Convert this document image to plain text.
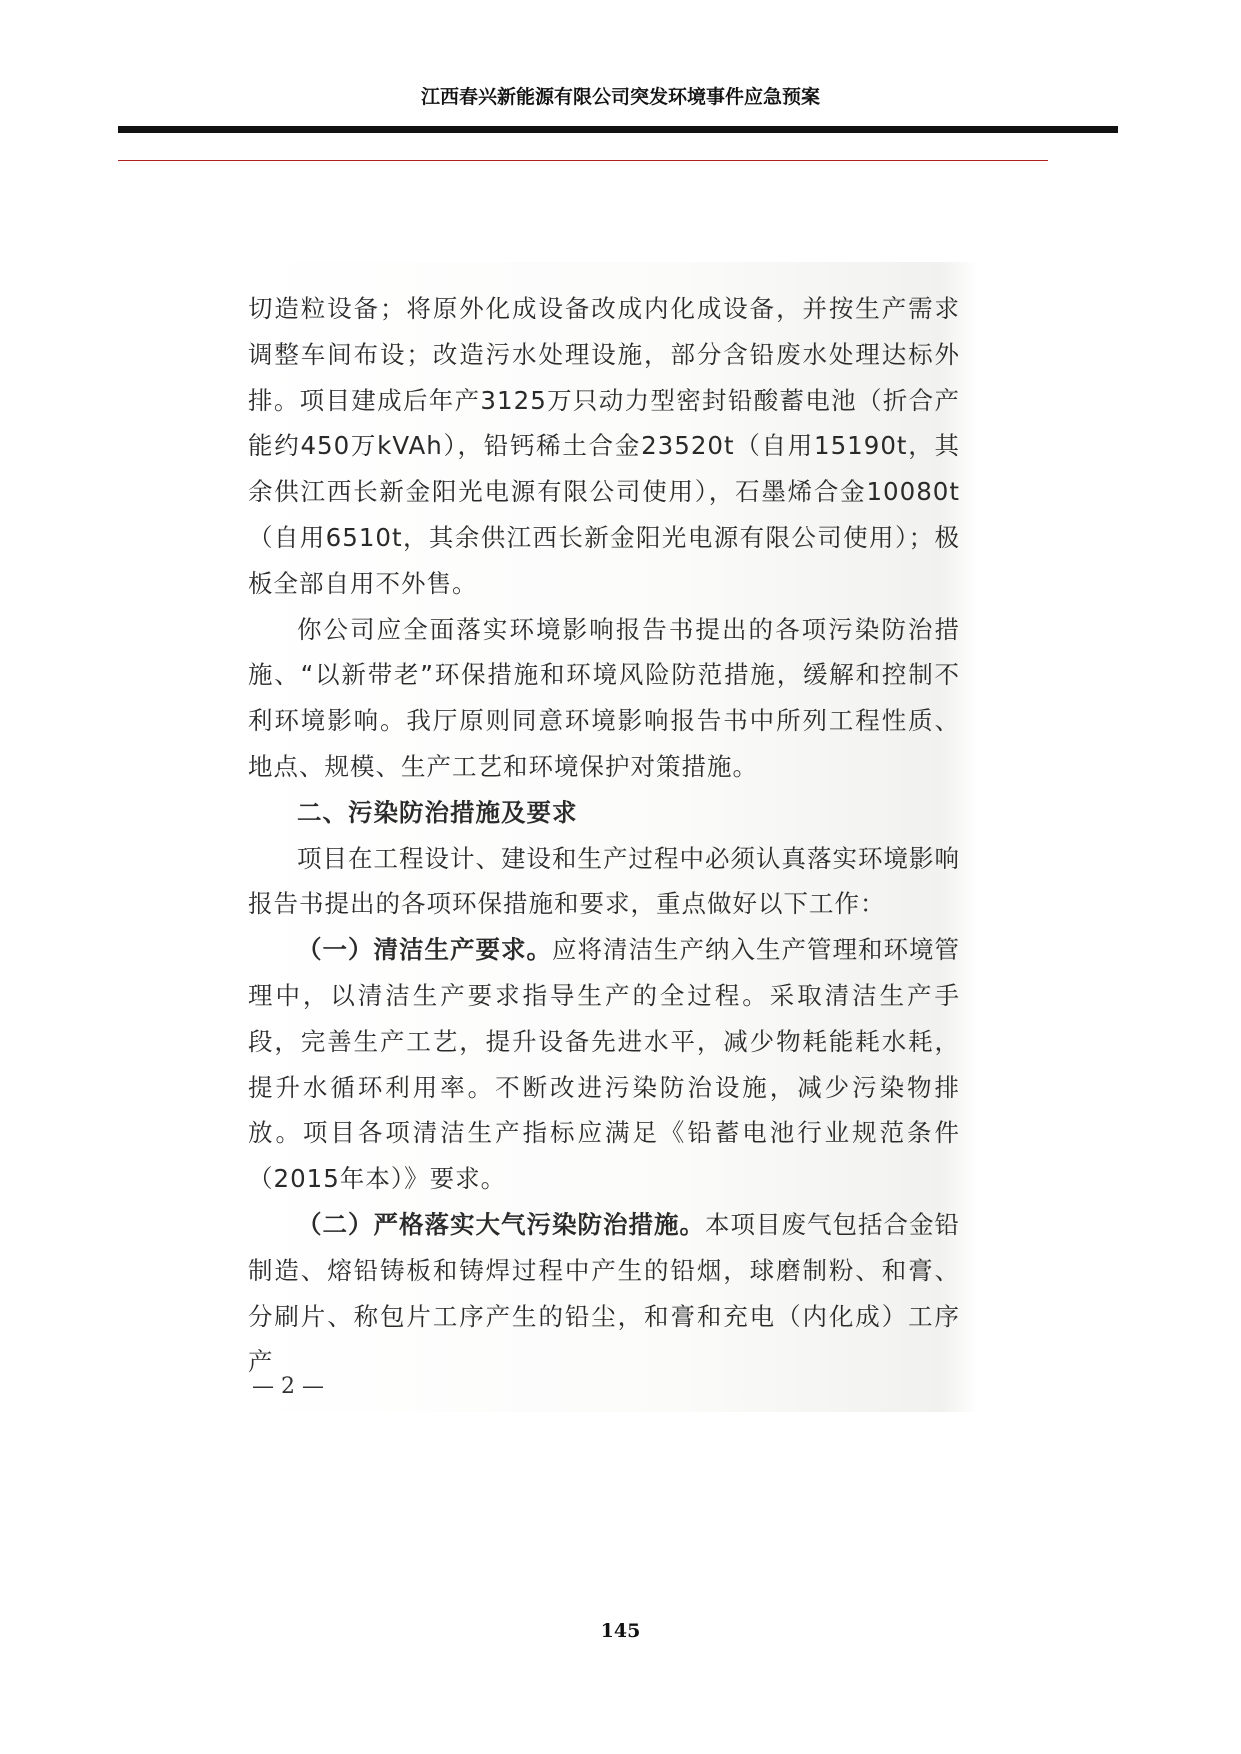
江西春兴新能源有限公司突发环境事件应急预案

切造粒设备；将原外化成设备改成内化成设备，并按生产需求调整车间布设；改造污水处理设施，部分含铅废水处理达标外排。项目建成后年产3125万只动力型密封铅酸蓄电池（折合产能约450万kVAh），铅钙稀土合金23520t（自用15190t，其余供江西长新金阳光电源有限公司使用），石墨烯合金10080t（自用6510t，其余供江西长新金阳光电源有限公司使用）；极板全部自用不外售。

你公司应全面落实环境影响报告书提出的各项污染防治措施、“以新带老”环保措施和环境风险防范措施，缓解和控制不利环境影响。我厅原则同意环境影响报告书中所列工程性质、地点、规模、生产工艺和环境保护对策措施。

二、污染防治措施及要求

项目在工程设计、建设和生产过程中必须认真落实环境影响报告书提出的各项环保措施和要求，重点做好以下工作：

（一）清洁生产要求。应将清洁生产纳入生产管理和环境管理中，以清洁生产要求指导生产的全过程。采取清洁生产手段，完善生产工艺，提升设备先进水平，减少物耗能耗水耗，提升水循环利用率。不断改进污染防治设施，减少污染物排放。项目各项清洁生产指标应满足《铅蓄电池行业规范条件（2015年本）》要求。

（二）严格落实大气污染防治措施。本项目废气包括合金铅制造、熔铅铸板和铸焊过程中产生的铅烟，球磨制粉、和膏、分刷片、称包片工序产生的铅尘，和膏和充电（内化成）工序产

— 2 —
145
